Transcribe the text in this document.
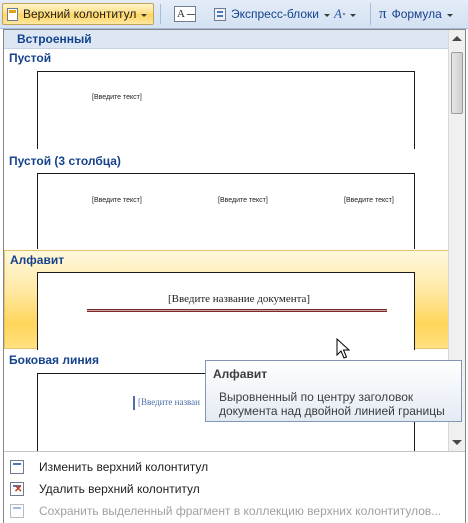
Верхний колонтитул	A	Экспресс-блоки A π Формула
Встроенный
Пустой
[Введите текст]
Пустой (3 столбца)
[Введите текст]	[Введите текст]	[Введите текст]
Алфавит
[Введите название документа]
Боковая линия
[Введите назван
Изменить верхний колонтитул
✕
Удалить верхний колонтитул
Сохранить выделенный фрагмент в коллекцию верхних колонтитулов...
Алфавит
Выровненный по центру заголовок документа над двойной линией границы
